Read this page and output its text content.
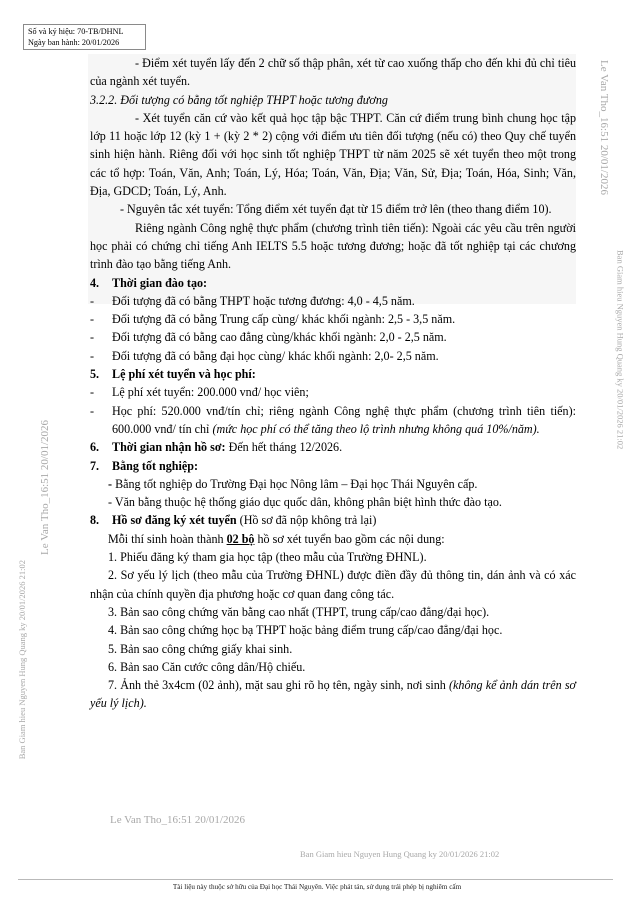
Số và ký hiệu: 70-TB/DHNL
Ngày ban hành: 20/01/2026

- Điểm xét tuyển lấy đến 2 chữ số thập phân, xét từ cao xuống thấp cho đến khi đủ chỉ tiêu của ngành xét tuyển.

3.2.2. Đối tượng có bằng tốt nghiệp THPT hoặc tương đương

- Xét tuyển căn cứ vào kết quả học tập bậc THPT. Căn cứ điểm trung bình chung học tập lớp 11 hoặc lớp 12 (kỳ 1 + (kỳ 2 * 2) cộng với điểm ưu tiên đối tượng (nếu có) theo Quy chế tuyển sinh hiện hành. Riêng đối với học sinh tốt nghiệp THPT từ năm 2025 sẽ xét tuyển theo một trong các tổ hợp: Toán, Văn, Anh; Toán, Lý, Hóa; Toán, Văn, Địa; Văn, Sử, Địa; Toán, Hóa, Sinh; Văn, Địa, GDCD; Toán, Lý, Anh.

- Nguyên tắc xét tuyển: Tổng điểm xét tuyển đạt từ 15 điểm trở lên (theo thang điểm 10).

Riêng ngành Công nghệ thực phẩm (chương trình tiên tiến): Ngoài các yêu cầu trên người học phải có chứng chỉ tiếng Anh IELTS 5.5 hoặc tương đương; hoặc đã tốt nghiệp tại các chương trình đào tạo bằng tiếng Anh.

4.	Thời gian đào tạo:
-	Đối tượng đã có bằng THPT hoặc tương đương: 4,0 - 4,5 năm.
-	Đối tượng đã có bằng Trung cấp cùng/ khác khối ngành: 2,5 - 3,5 năm.
-	Đối tượng đã có bằng cao đẳng cùng/khác khối ngành: 2,0 - 2,5 năm.
-	Đối tượng đã có bằng đại học cùng/ khác khối ngành: 2,0- 2,5 năm.
5.	Lệ phí xét tuyển và học phí:
-	Lệ phí xét tuyển: 200.000 vnđ/ học viên;
-	Học phí: 520.000 vnđ/tín chỉ; riêng ngành Công nghệ thực phẩm (chương trình tiên tiến): 600.000 vnđ/ tín chỉ (mức học phí có thể tăng theo lộ trình nhưng không quá 10%/năm).
6.	Thời gian nhận hồ sơ: Đến hết tháng 12/2026.
7.	Bằng tốt nghiệp:

- Bằng tốt nghiệp do Trường Đại học Nông lâm – Đại học Thái Nguyên cấp.

- Văn bằng thuộc hệ thống giáo dục quốc dân, không phân biệt hình thức đào tạo.

8.	Hồ sơ đăng ký xét tuyển (Hồ sơ đã nộp không trả lại)

Mỗi thí sinh hoàn thành 02 bộ hồ sơ xét tuyển bao gồm các nội dung:

1. Phiếu đăng ký tham gia học tập (theo mẫu của Trường ĐHNL).

2. Sơ yếu lý lịch (theo mẫu của Trường ĐHNL) được điền đầy đủ thông tin, dán ảnh và có xác nhận của chính quyền địa phương hoặc cơ quan đang công tác.

3. Bản sao công chứng văn bằng cao nhất (THPT, trung cấp/cao đẳng/đại học).

4. Bản sao công chứng học bạ THPT hoặc bảng điểm trung cấp/cao đẳng/đại học.

5. Bản sao công chứng giấy khai sinh.

6. Bản sao Căn cước công dân/Hộ chiếu.

7. Ảnh thẻ 3x4cm (02 ảnh), mặt sau ghi rõ họ tên, ngày sinh, nơi sinh (không kể ảnh dán trên sơ yếu lý lịch).

Le Van Tho_16:51 20/01/2026
Ban Giam hieu Nguyen Hung Quang ky 20/01/2026 21:02
Le Van Tho_16:51 20/01/2026
Ban Giam hieu Nguyen Hung Quang ky 20/01/2026 21:02
Le Van Tho_16:51 20/01/2026
Ban Giam hieu Nguyen Hung Quang ky 20/01/2026 21:02
Tài liệu này thuộc sở hữu của Đại học Thái Nguyên. Việc phát tán, sử dụng trái phép bị nghiêm cấm
